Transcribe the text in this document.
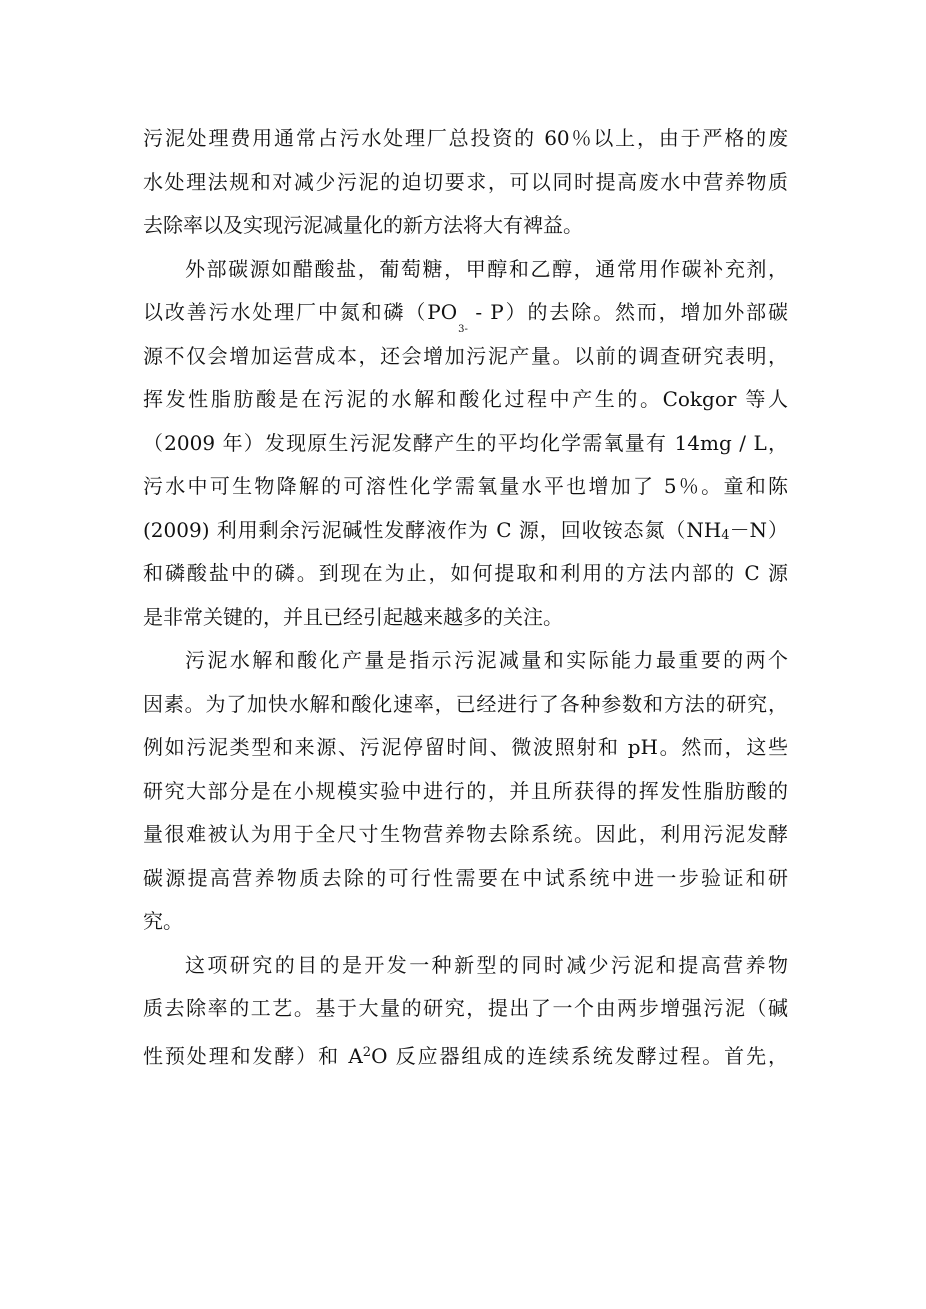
污泥处理费用通常占污水处理厂总投资的 60％以上，由于严格的废
水处理法规和对减少污泥的迫切要求，可以同时提高废水中营养物质
去除率以及实现污泥减量化的新方法将大有裨益。
外部碳源如醋酸盐，葡萄糖，甲醇和乙醇，通常用作碳补充剂，
以改善污水处理厂中氮和磷（PO
3-
- P）的去除。然而，增加外部碳
源不仅会增加运营成本，还会增加污泥产量。以前的调查研究表明，
挥发性脂肪酸是在污泥的水解和酸化过程中产生的。Cokgor 等人
（2009 年）发现原生污泥发酵产生的平均化学需氧量有 14mg / L，
污水中可生物降解的可溶性化学需氧量水平也增加了 5％。童和陈
(2009) 利用剩余污泥碱性发酵液作为 C 源，回收铵态氮（NH4－N）
和磷酸盐中的磷。到现在为止，如何提取和利用的方法内部的 C 源
是非常关键的，并且已经引起越来越多的关注。
污泥水解和酸化产量是指示污泥减量和实际能力最重要的两个
因素。为了加快水解和酸化速率，已经进行了各种参数和方法的研究，
例如污泥类型和来源、污泥停留时间、微波照射和 pH。然而，这些
研究大部分是在小规模实验中进行的，并且所获得的挥发性脂肪酸的
量很难被认为用于全尺寸生物营养物去除系统。因此，利用污泥发酵
碳源提高营养物质去除的可行性需要在中试系统中进一步验证和研
究。
这项研究的目的是开发一种新型的同时减少污泥和提高营养物
质去除率的工艺。基于大量的研究，提出了一个由两步增强污泥（碱
性预处理和发酵）和 $A^2O$ 反应器组成的连续系统发酵过程。首先，
